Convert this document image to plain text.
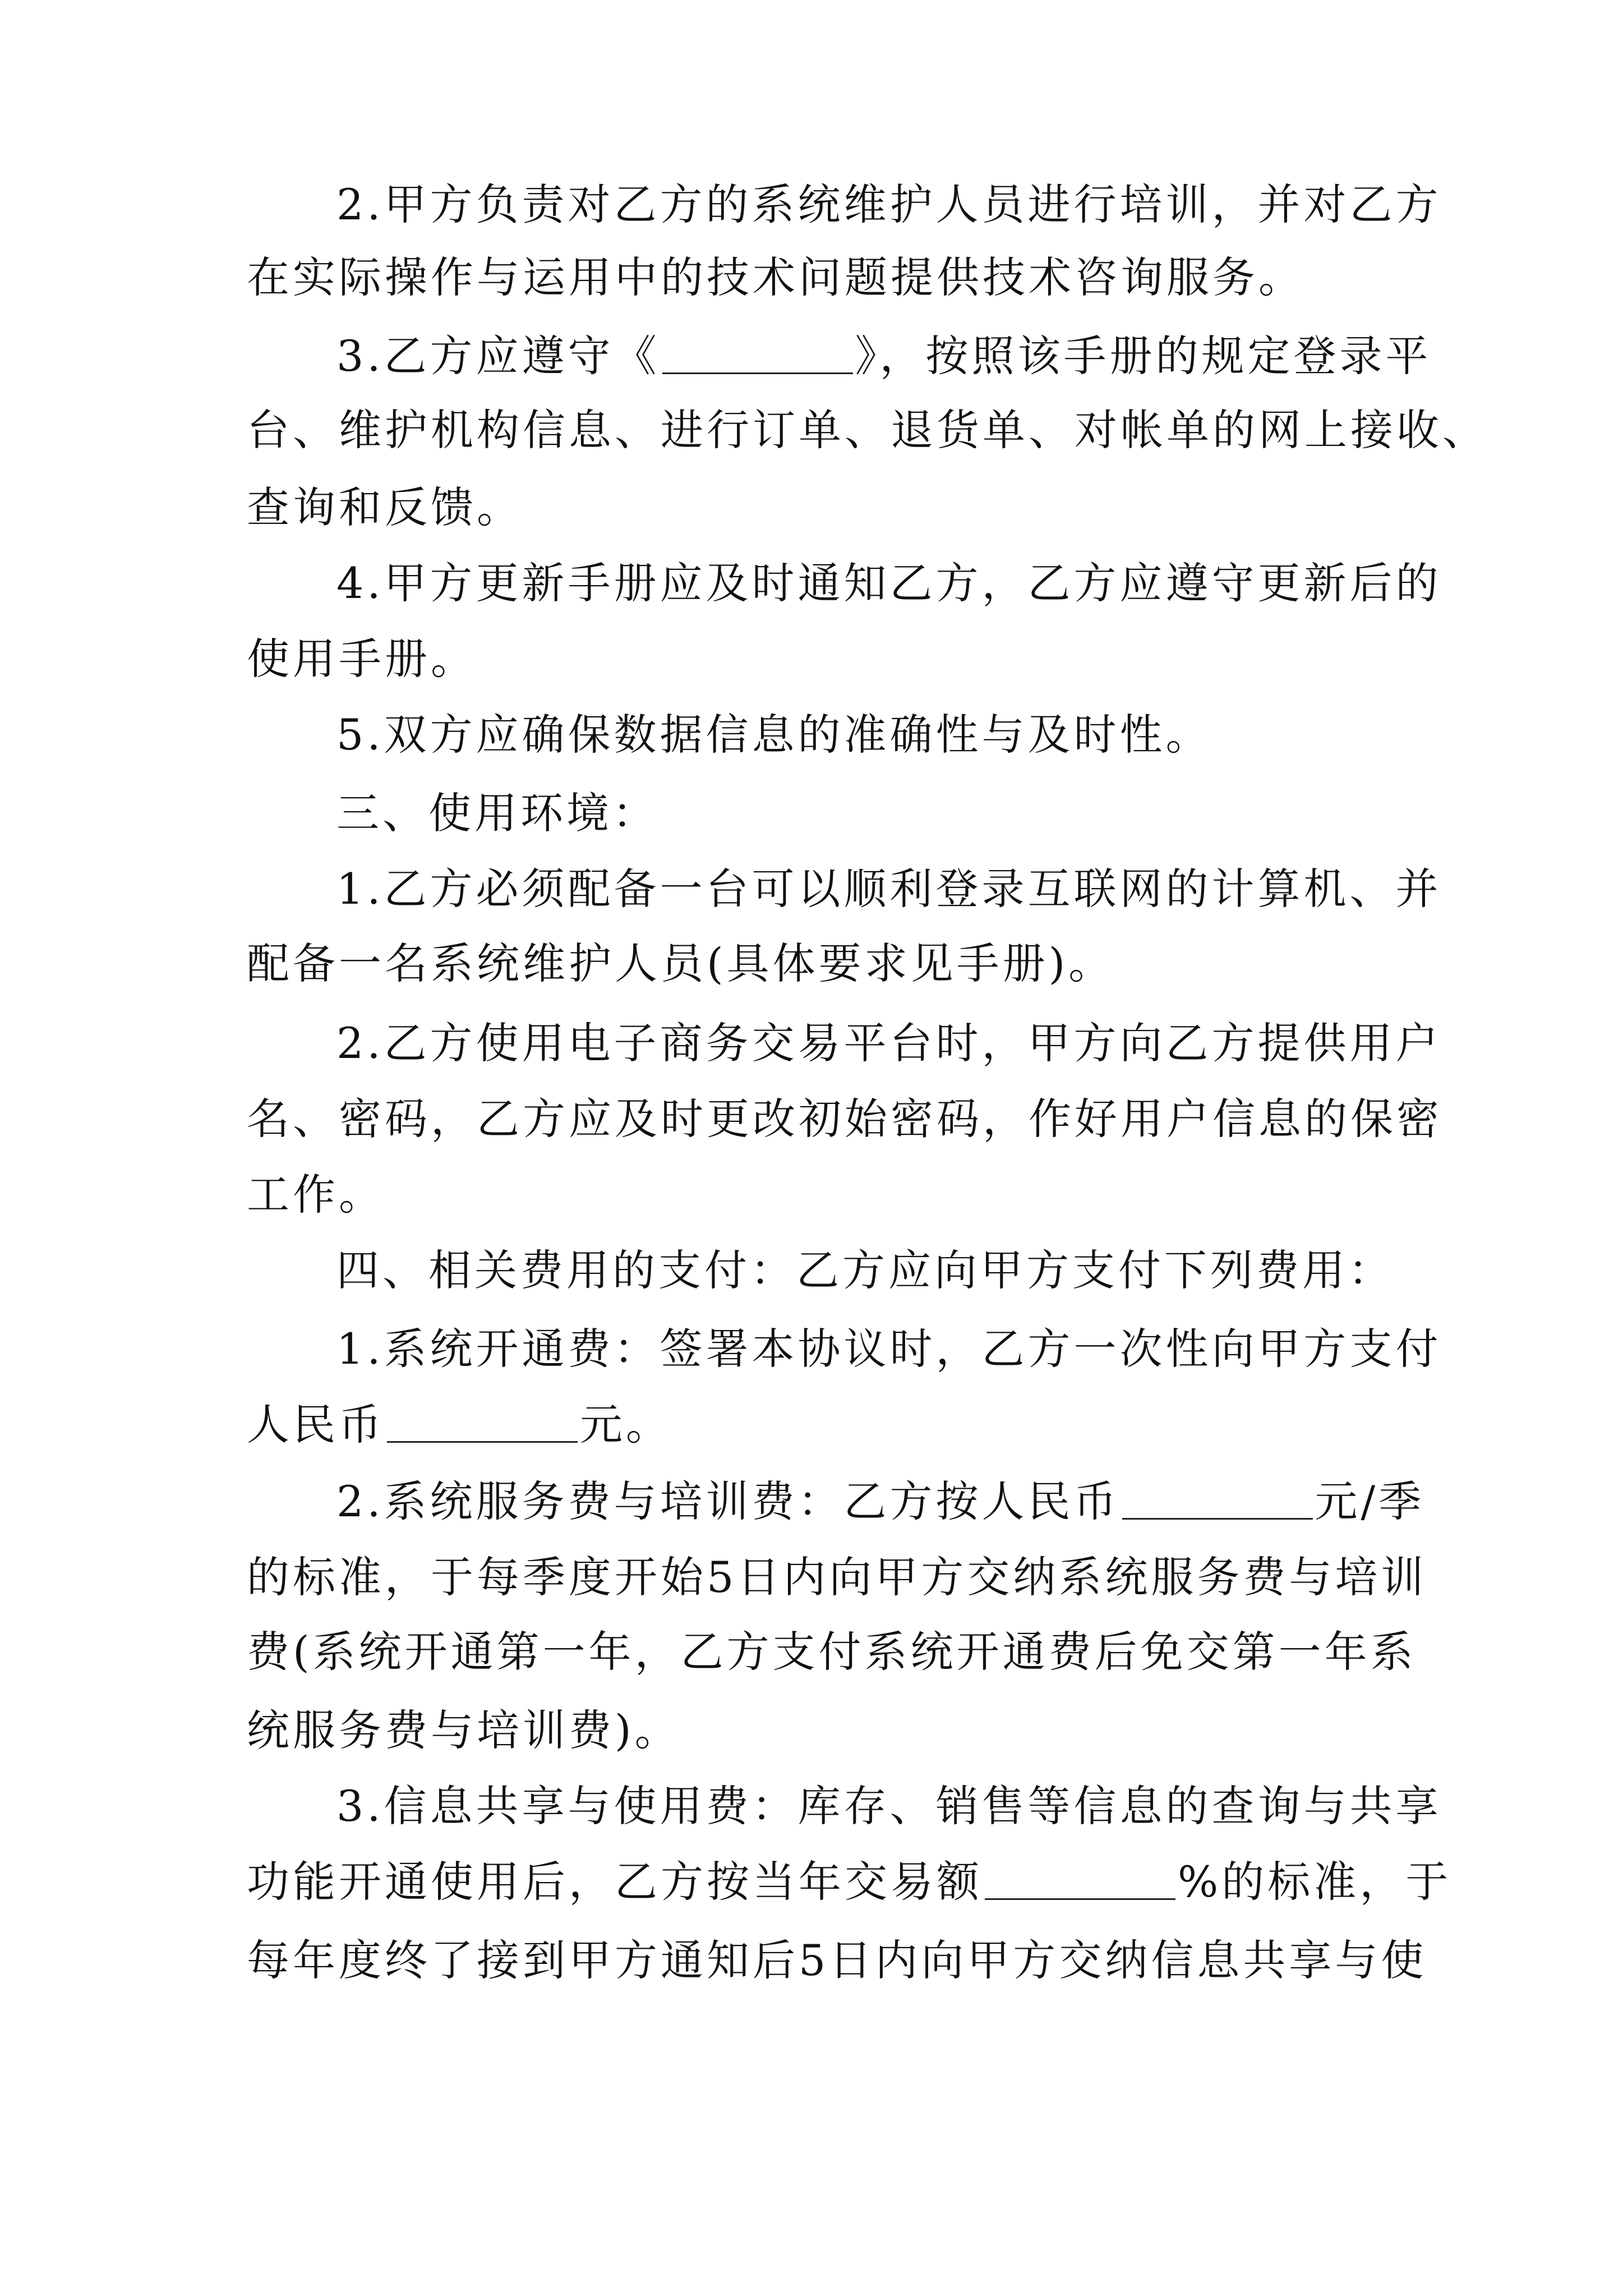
2.甲方负责对乙方的系统维护人员进行培训，并对乙方
在实际操作与运用中的技术问题提供技术咨询服务。
3.乙方应遵守《	》，按照该手册的规定登录平
台、维护机构信息、进行订单、退货单、对帐单的网上接收、
查询和反馈。
4.甲方更新手册应及时通知乙方，乙方应遵守更新后的
使用手册。
5.双方应确保数据信息的准确性与及时性。
三、使用环境：
1.乙方必须配备一台可以顺利登录互联网的计算机、并
配备一名系统维护人员(具体要求见手册)。
2.乙方使用电子商务交易平台时，甲方向乙方提供用户
名、密码，乙方应及时更改初始密码，作好用户信息的保密
工作。
四、相关费用的支付：乙方应向甲方支付下列费用：
1.系统开通费：签署本协议时，乙方一次性向甲方支付
人民币	元。
2.系统服务费与培训费：乙方按人民币	元/季
的标准，于每季度开始5日内向甲方交纳系统服务费与培训
费(系统开通第一年，乙方支付系统开通费后免交第一年系
统服务费与培训费)。
3.信息共享与使用费：库存、销售等信息的查询与共享
功能开通使用后，乙方按当年交易额	%的标准，于
每年度终了接到甲方通知后5日内向甲方交纳信息共享与使
